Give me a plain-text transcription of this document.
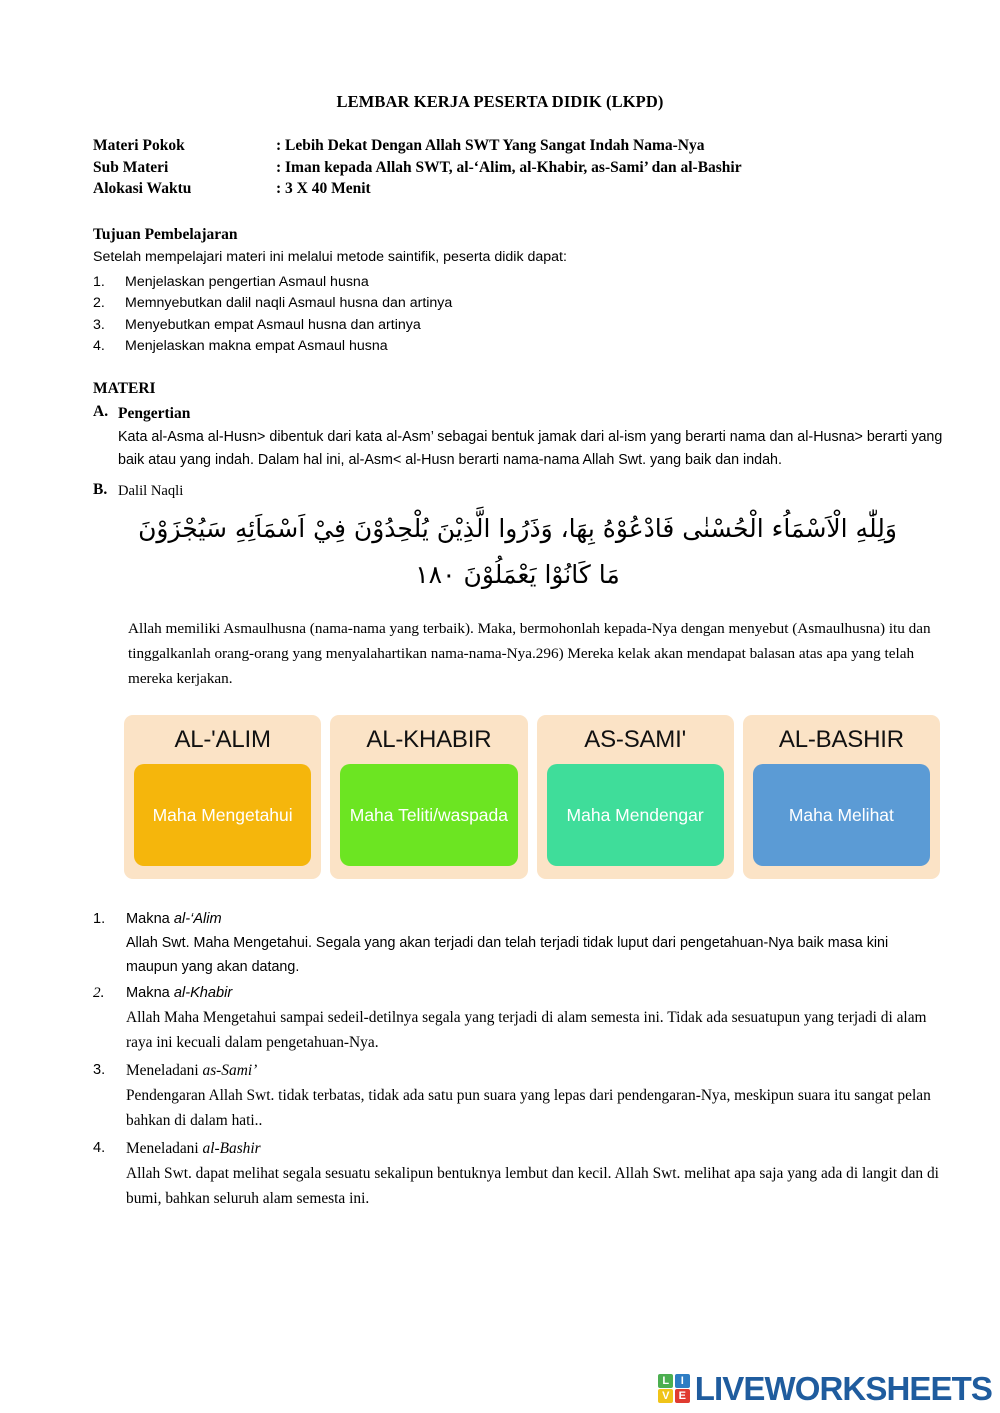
LEMBAR KERJA PESERTA DIDIK (LKPD)
Materi Pokok	: Lebih Dekat Dengan Allah SWT Yang Sangat Indah Nama-Nya
Sub Materi	: Iman kepada Allah SWT, al-‘Alim, al-Khabir, as-Sami’ dan al-Bashir
Alokasi Waktu	: 3 X 40 Menit
Tujuan Pembelajaran
Setelah mempelajari materi ini melalui metode saintifik, peserta didik dapat:
1.	Menjelaskan pengertian Asmaul husna
2.	Memnyebutkan dalil naqli Asmaul husna dan artinya
3.	Menyebutkan empat Asmaul husna dan artinya
4.	Menjelaskan makna empat Asmaul husna
MATERI
A. Pengertian
Kata al-Asma al-Husn> dibentuk dari kata al-Asm’ sebagai bentuk jamak dari al-ism yang berarti nama dan al-Husna> berarti yang baik atau yang indah. Dalam hal ini, al-Asm< al-Husn berarti nama-nama Allah Swt. yang baik dan indah.
B. Dalil Naqli
وَلِلّٰهِ الْاَسْمَاُء الْحُسْنٰى فَادْعُوْهُ بِهَا، وَذَرُوا الَّذِيْنَ يُلْحِدُوْنَ فِيْ اَسْمَاَئِهِ سَيُجْزَوْنَ
مَا كَانُوْا يَعْمَلُوْنَ ١٨٠
Allah memiliki Asmaulhusna (nama-nama yang terbaik). Maka, bermohonlah kepada-Nya dengan menyebut (Asmaulhusna) itu dan tinggalkanlah orang-orang yang menyalahartikan nama-nama-Nya.296) Mereka kelak akan mendapat balasan atas apa yang telah mereka kerjakan.
AL-'ALIM
Maha Mengetahui
AL-KHABIR
Maha Teliti/waspada
AS-SAMI'
Maha Mendengar
AL-BASHIR
Maha Melihat
1.	Makna al-‘Alim
Allah Swt. Maha Mengetahui. Segala yang akan terjadi dan telah terjadi tidak luput dari pengetahuan-Nya baik masa kini maupun yang akan datang.
2.	Makna al-Khabir
Allah Maha Mengetahui sampai sedeil-detilnya segala yang terjadi di alam semesta ini. Tidak ada sesuatupun yang terjadi di alam raya ini kecuali dalam pengetahuan-Nya.
3.	Meneladani as-Sami’
Pendengaran Allah Swt. tidak terbatas, tidak ada satu pun suara yang lepas dari pendengaran-Nya, meskipun suara itu sangat pelan bahkan di dalam hati..
4.	Meneladani al-Bashir
Allah Swt. dapat melihat segala sesuatu sekalipun bentuknya lembut dan kecil. Allah Swt. melihat apa saja yang ada di langit dan di bumi, bahkan seluruh alam semesta ini.
L	I
V E LIVEWORKSHEETS
